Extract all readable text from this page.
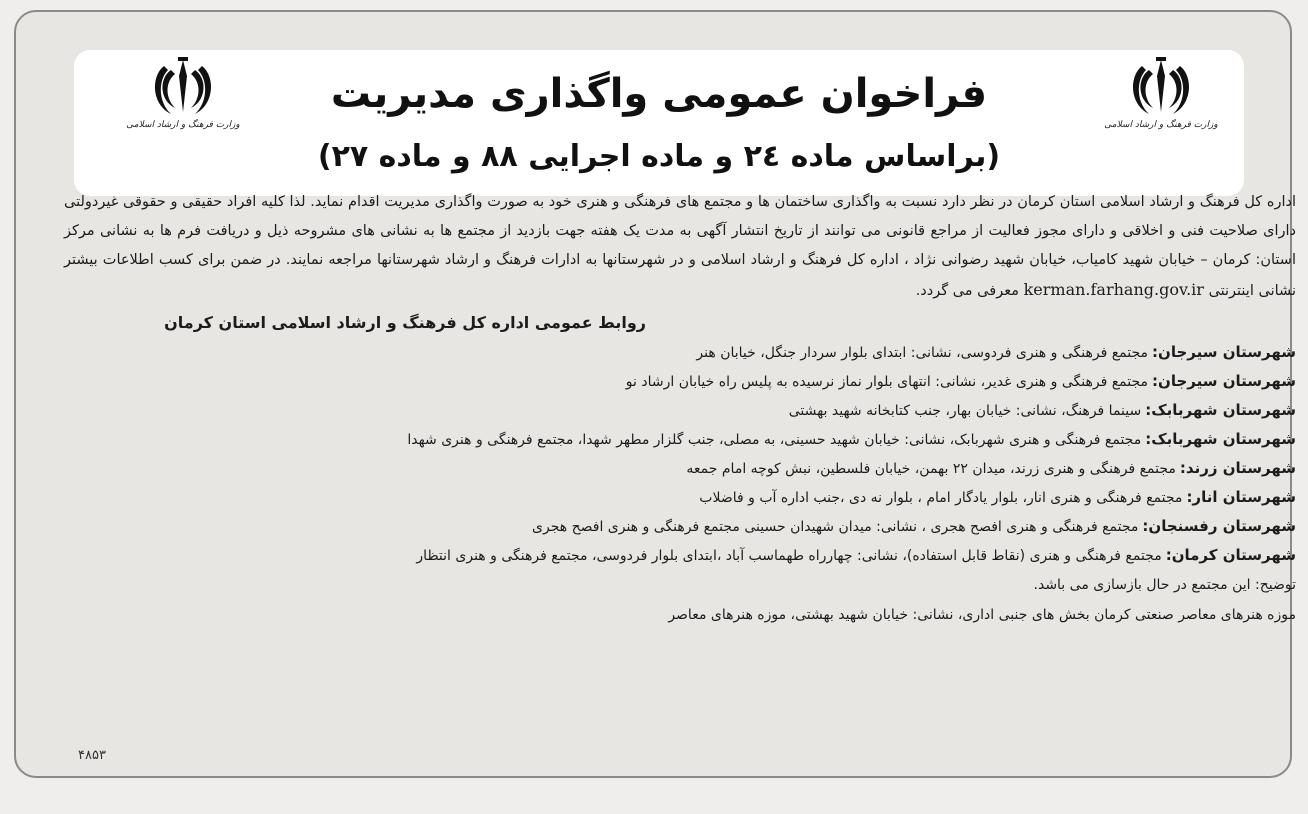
وزارت فرهنگ و ارشاد اسلامی
وزارت فرهنگ و ارشاد اسلامی
فراخوان عمومی واگذاری مدیریت
(براساس ماده ۲٤ و ماده اجرایی ۸۸ و ماده ۲۷)

اداره کل فرهنگ و ارشاد اسلامی استان کرمان در نظر دارد نسبت به واگذاری ساختمان ها و مجتمع های فرهنگی و هنری خود به صورت واگذاری مدیریت اقدام نماید. لذا کلیه افراد حقیقی و حقوقی غیردولتی دارای صلاحیت فنی و اخلاقی و دارای مجوز فعالیت از مراجع قانونی می توانند از تاریخ انتشار آگهی به مدت یک هفته جهت بازدید از مجتمع ها به نشانی های مشروحه ذیل و دریافت فرم ها به نشانی مرکز استان: کرمان – خیابان شهید کامیاب، خیابان شهید رضوانی نژاد ، اداره کل فرهنگ و ارشاد اسلامی و در شهرستانها به ادارات فرهنگ و ارشاد شهرستانها مراجعه نمایند. در ضمن برای کسب اطلاعات بیشتر نشانی اینترنتی kerman.farhang.gov.ir معرفی می گردد.

روابط عمومی اداره کل فرهنگ و ارشاد اسلامی استان کرمان
شهرستان سیرجان:مجتمع فرهنگی و هنری فردوسی، نشانی: ابتدای بلوار سردار جنگل، خیابان هنر
شهرستان سیرجان:مجتمع فرهنگی و هنری غدیر، نشانی: انتهای بلوار نماز نرسیده به پلیس راه خیابان ارشاد نو
شهرستان شهربابک:سینما فرهنگ، نشانی: خیابان بهار، جنب کتابخانه شهید بهشتی
شهرستان شهربابک:مجتمع فرهنگی و هنری شهربابک، نشانی: خیابان شهید حسینی، به مصلی، جنب گلزار مطهر شهدا، مجتمع فرهنگی و هنری شهدا
شهرستان زرند:مجتمع فرهنگی و هنری زرند، میدان ۲۲ بهمن، خیابان فلسطین، نبش کوچه امام جمعه
شهرستان انار:مجتمع فرهنگی و هنری انار، بلوار یادگار امام ، بلوار نه دی ،جنب اداره آب و فاضلاب
شهرستان رفسنجان:مجتمع فرهنگی و هنری افصح هجری ، نشانی: میدان شهیدان حسینی مجتمع فرهنگی و هنری افصح هجری
شهرستان کرمان:مجتمع فرهنگی و هنری (نقاط قابل استفاده)، نشانی: چهارراه طهماسب آباد ،ابتدای بلوار فردوسی، مجتمع فرهنگی و هنری انتظار
توضیح: این مجتمع در حال بازسازی می باشد.
موزه هنرهای معاصر صنعتی کرمان بخش های جنبی اداری، نشانی: خیابان شهید بهشتی، موزه هنرهای معاصر
۴۸۵۳
